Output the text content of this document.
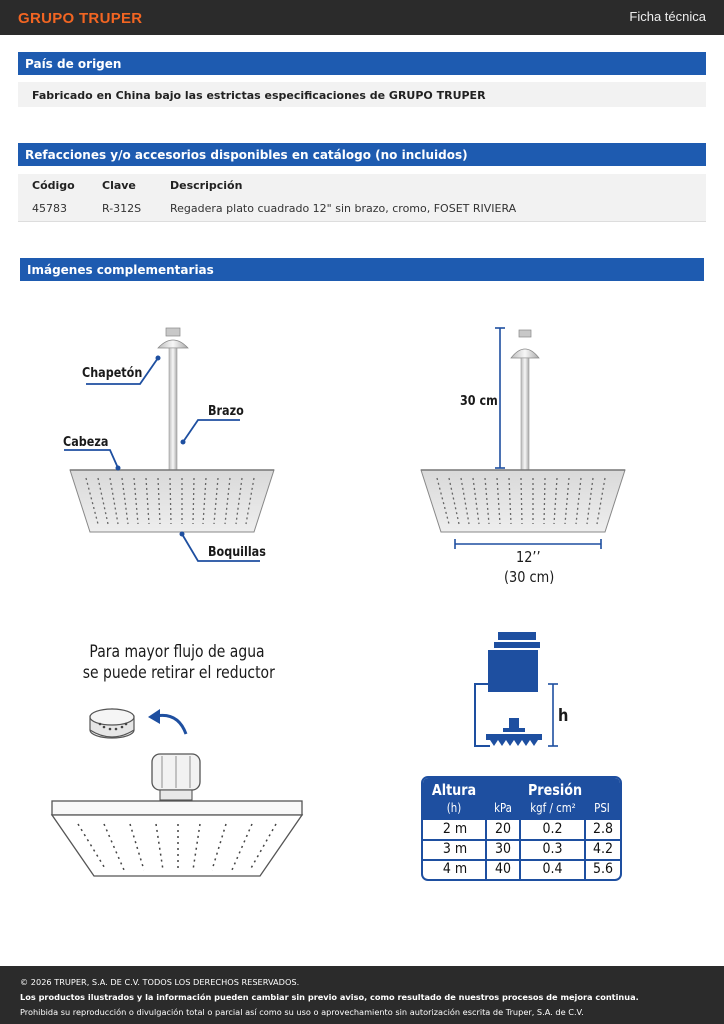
GRUPO TRUPER	Ficha técnica
País de origen
Fabricado en China bajo las estrictas especificaciones de GRUPO TRUPER
Refacciones y/o accesorios disponibles en catálogo (no incluidos)
Código Clave	Descripción
45783	R-312S	Regadera plato cuadrado 12" sin brazo, cromo, FOSET RIVIERA
Imágenes complementarias
Chapetón
Brazo
Cabeza
Boquillas
30 cm
12’’
(30 cm)
Para mayor flujo de agua
se puede retirar el reductor
h
Altura
(h)
Presión
kPa	kgf / cm²	PSI
2 m	20	0.2	2.8
3 m	30	0.3	4.2
4 m	40	0.4	5.6
© 2026 TRUPER, S.A. DE C.V. TODOS LOS DERECHOS RESERVADOS.
Los productos ilustrados y la información pueden cambiar sin previo aviso, como resultado de nuestros procesos de mejora continua.
Prohibida su reproducción o divulgación total o parcial así como su uso o aprovechamiento sin autorización escrita de Truper, S.A. de C.V.
